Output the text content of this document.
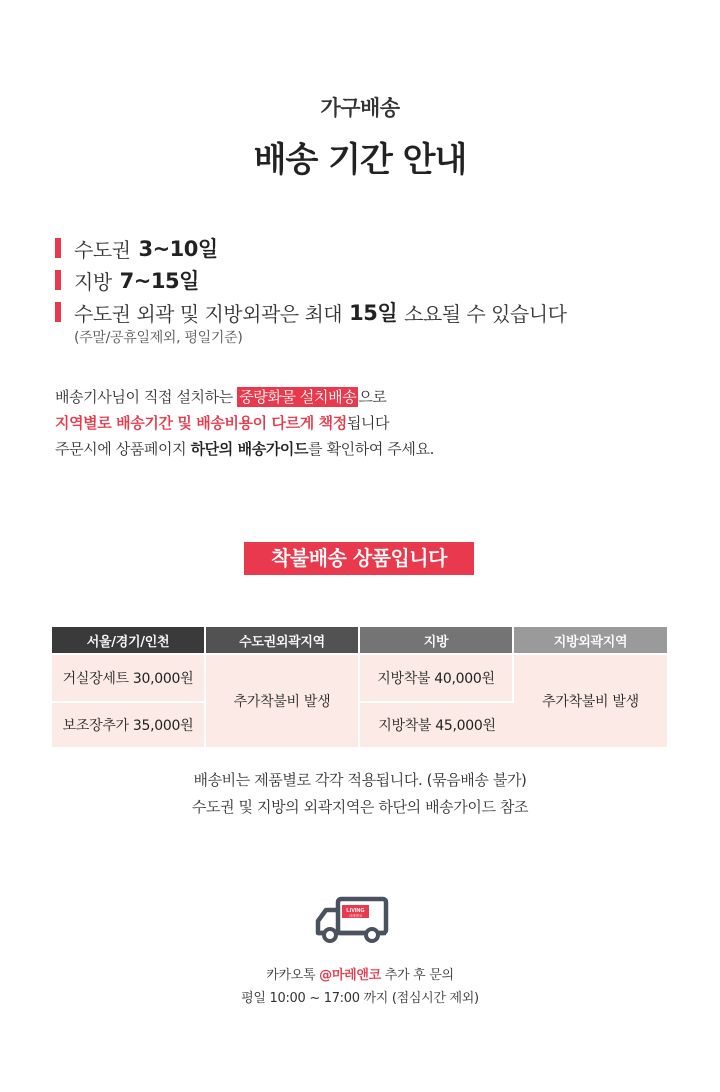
가구배송
배송 기간 안내
수도권 3~10일
지방 7~15일
수도권 외곽 및 지방외곽은 최대 15일 소요될 수 있습니다
(주말/공휴일제외, 평일기준)
배송기사님이 직접 설치하는 중량화물 설치배송 으로
지역별로 배송기간 및 배송비용이 다르게 책정됩니다
주문시에 상품페이지 하단의 배송가이드를 확인하여 주세요.
착불배송 상품입니다
서울/경기/인천	수도권외곽지역	지방	지방외곽지역
거실장세트 30,000원	추가착불비 발생	지방착불 40,000원	추가착불비 발생
보조장추가 35,000원		지방착불 45,000원	
배송비는 제품별로 각각 적용됩니다. (묶음배송 불가)
수도권 및 지방의 외곽지역은 하단의 배송가이드 참조
LIVING
마레앤코
카카오톡 @마레앤코 추가 후 문의
평일 10:00 ~ 17:00 까지 (점심시간 제외)
